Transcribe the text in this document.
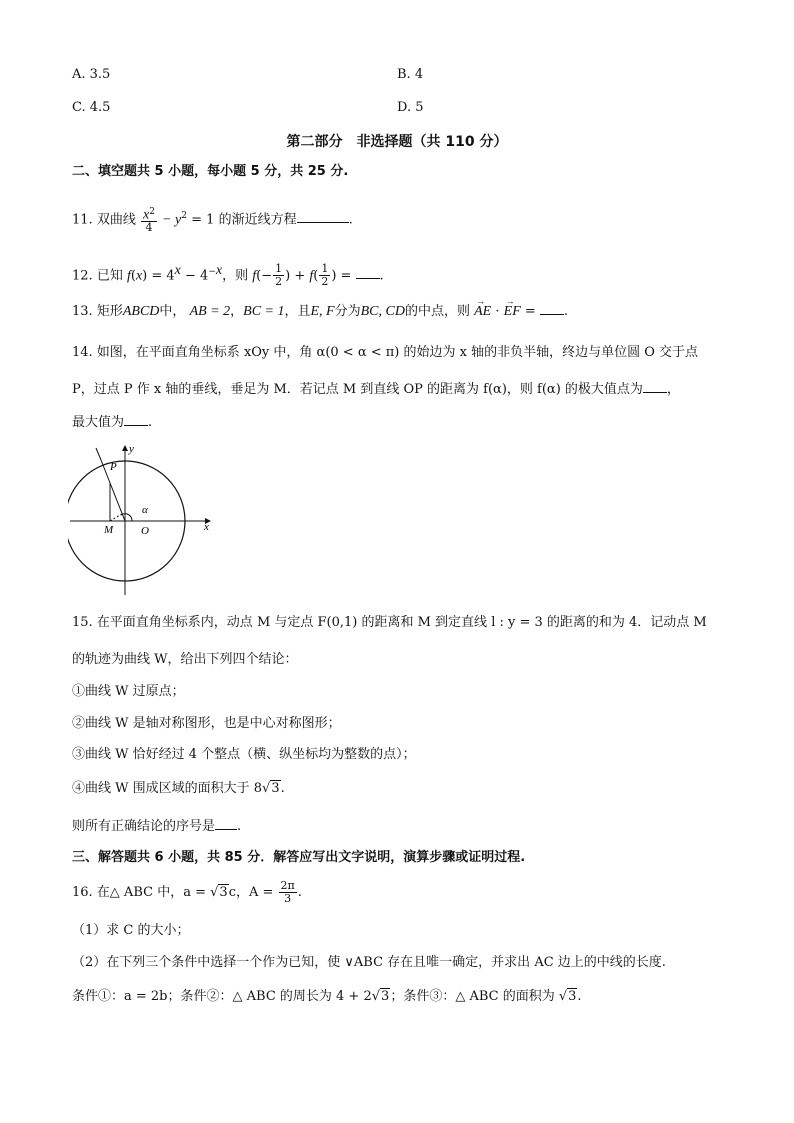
A. 3.5	B. 4
C. 4.5	D. 5
第二部分　非选择题（共 110 分）
二、填空题共 5 小题，每小题 5 分，共 25 分.
11. 双曲线 $\frac{x^2}{4} - y^2 = 1$ 的渐近线方程	.
12. 已知 $f(x) = 4^x - 4^{-x}$，则 $f(- \frac{1}{2}$ ) + $f( \frac{1}{2}$ ) = .
13. 矩形ABCD中， AB = 2，BC = 1，且E, F分为BC, CD的中点，则 → AE · → EF = .
14. 如图，在平面直角坐标系 xOy 中，角 α(0 < α < π) 的始边为 x 轴的非负半轴，终边与单位圆 O 交于点
P，过点 P 作 x 轴的垂线，垂足为 M．若记点 M 到直线 OP 的距离为 f(α)，则 f(α) 的极大值点为 ，
最大值为 .
y
x
P
M	O
α
15. 在平面直角坐标系内，动点 M 与定点 F(0,1) 的距离和 M 到定直线 l : y = 3 的距离的和为 4．记动点 M
的轨迹为曲线 W，给出下列四个结论：
①曲线 W 过原点；
②曲线 W 是轴对称图形，也是中心对称图形；
③曲线 W 恰好经过 4 个整点（横、纵坐标均为整数的点）；
④曲线 W 围成区域的面积大于 8√3.
则所有正确结论的序号是 .
三、解答题共 6 小题，共 85 分．解答应写出文字说明，演算步骤或证明过程.
16. 在△ ABC 中，a = √3c，$A = \frac{2\pi}{3}$ .
（1）求 C 的大小；
（2）在下列三个条件中选择一个作为已知，使 ∨ABC 存在且唯一确定，并求出 AC 边上的中线的长度.
条件①：a = 2b；条件②：△ ABC 的周长为 4 + 2√3；条件③：△ ABC 的面积为 √3.
